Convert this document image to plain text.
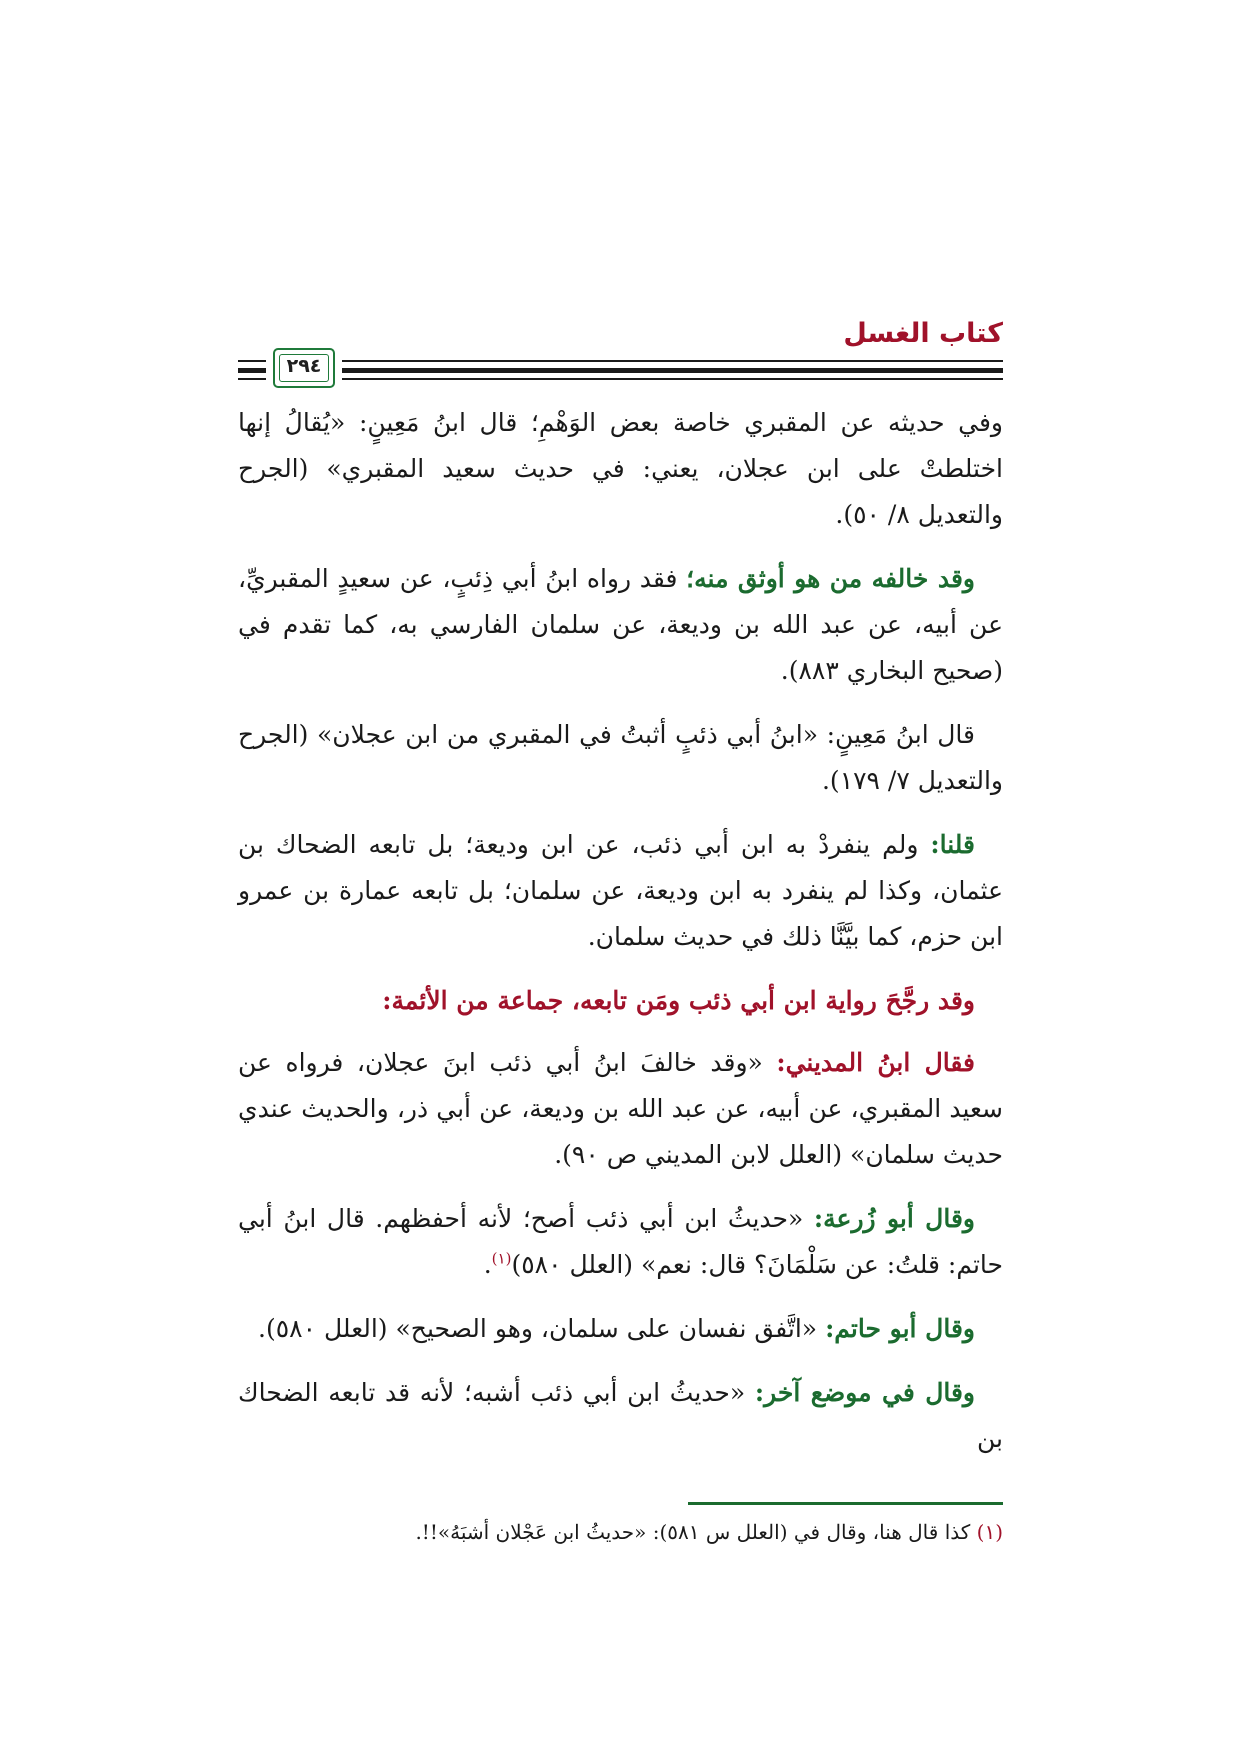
كتاب الغسل
٢٩٤

وفي حديثه عن المقبري خاصة بعض الوَهْمِ؛ قال ابنُ مَعِينٍ: «يُقالُ إنها اختلطتْ على ابن عجلان، يعني: في حديث سعيد المقبري» (الجرح والتعديل ٨/ ٥٠).

وقد خالفه من هو أوثق منه؛ فقد رواه ابنُ أبي ذِئبٍ، عن سعيدٍ المقبريِّ، عن أبيه، عن عبد الله بن وديعة، عن سلمان الفارسي به، كما تقدم في (صحيح البخاري ٨٨٣).

قال ابنُ مَعِينٍ: «ابنُ أبي ذئبٍ أثبتُ في المقبري من ابن عجلان» (الجرح والتعديل ٧/ ١٧٩).

قلنا: ولم ينفردْ به ابن أبي ذئب، عن ابن وديعة؛ بل تابعه الضحاك بن عثمان، وكذا لم ينفرد به ابن وديعة، عن سلمان؛ بل تابعه عمارة بن عمرو ابن حزم، كما بيَّنَّا ذلك في حديث سلمان.

وقد رجَّحَ رواية ابن أبي ذئب ومَن تابعه، جماعة من الأئمة:

فقال ابنُ المديني: «وقد خالفَ ابنُ أبي ذئب ابنَ عجلان، فرواه عن سعيد المقبري، عن أبيه، عن عبد الله بن وديعة، عن أبي ذر، والحديث عندي حديث سلمان» (العلل لابن المديني ص ٩٠).

وقال أبو زُرعة: «حديثُ ابن أبي ذئب أصح؛ لأنه أحفظهم. قال ابنُ أبي حاتم: قلتُ: عن سَلْمَانَ؟ قال: نعم» (العلل ٥٨٠)$^{(١)}$.

وقال أبو حاتم: «اتَّفق نفسان على سلمان، وهو الصحيح» (العلل ٥٨٠).

وقال في موضع آخر: «حديثُ ابن أبي ذئب أشبه؛ لأنه قد تابعه الضحاك بن

(١) كذا قال هنا، وقال في (العلل س ٥٨١): «حديثُ ابن عَجْلان أشبَهُ»!!.
